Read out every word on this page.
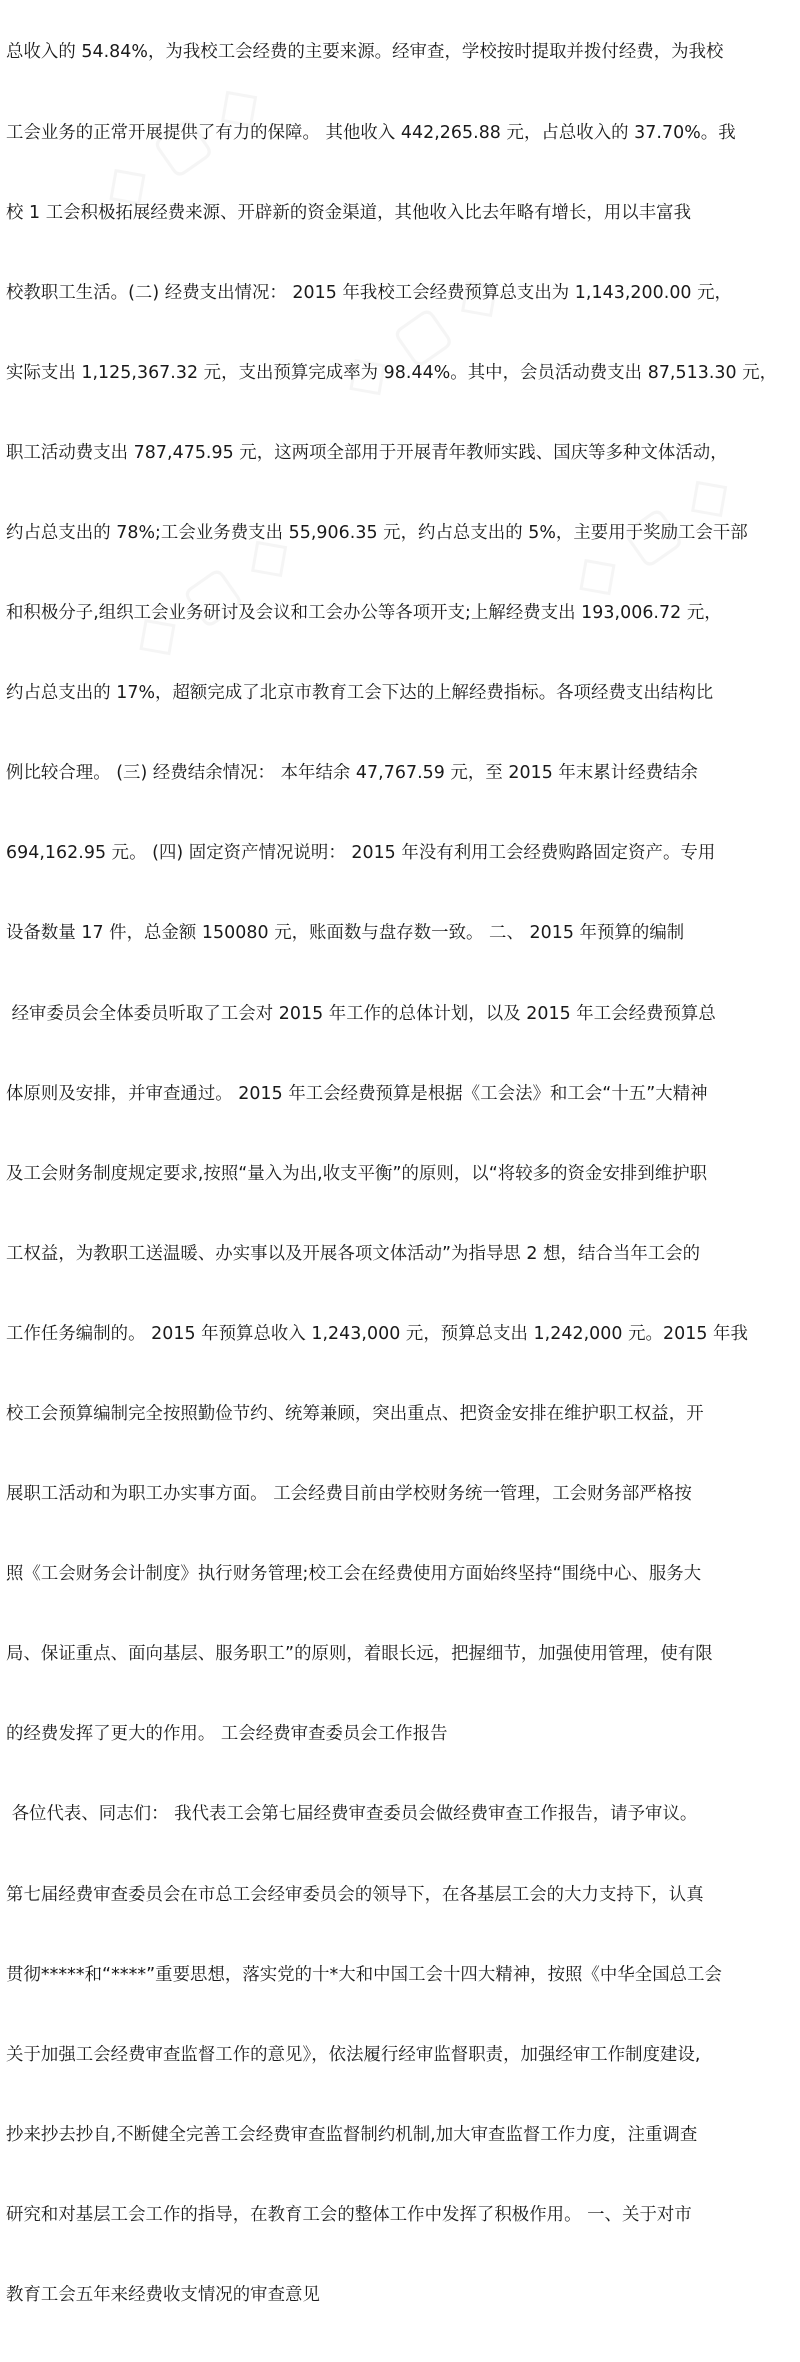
总收入的 54.84%，为我校工会经费的主要来源。经审查，学校按时提取并拨付经费，为我校

工会业务的正常开展提供了有力的保障。 其他收入 442,265.88 元，占总收入的 37.70%。我

校 1 工会积极拓展经费来源、开辟新的资金渠道，其他收入比去年略有增长，用以丰富我

校教职工生活。(二) 经费支出情况： 2015 年我校工会经费预算总支出为 1,143,200.00 元，

实际支出 1,125,367.32 元，支出预算完成率为 98.44%。其中，会员活动费支出 87,513.30 元，

职工活动费支出 787,475.95 元，这两项全部用于开展青年教师实践、国庆等多种文体活动，

约占总支出的 78%;工会业务费支出 55,906.35 元，约占总支出的 5%，主要用于奖励工会干部

和积极分子,组织工会业务研讨及会议和工会办公等各项开支;上解经费支出 193,006.72 元，

约占总支出的 17%，超额完成了北京市教育工会下达的上解经费指标。各项经费支出结构比

例比较合理。 (三) 经费结余情况： 本年结余 47,767.59 元，至 2015 年末累计经费结余

694,162.95 元。 (四) 固定资产情况说明： 2015 年没有利用工会经费购路固定资产。专用

设备数量 17 件，总金额 150080 元，账面数与盘存数一致。 二、 2015 年预算的编制

经审委员会全体委员听取了工会对 2015 年工作的总体计划，以及 2015 年工会经费预算总

体原则及安排，并审查通过。 2015 年工会经费预算是根据《工会法》和工会“十五”大精神

及工会财务制度规定要求,按照“量入为出,收支平衡”的原则，以“将较多的资金安排到维护职

工权益，为教职工送温暖、办实事以及开展各项文体活动”为指导思 2 想，结合当年工会的

工作任务编制的。 2015 年预算总收入 1,243,000 元，预算总支出 1,242,000 元。2015 年我

校工会预算编制完全按照勤俭节约、统筹兼顾，突出重点、把资金安排在维护职工权益，开

展职工活动和为职工办实事方面。 工会经费目前由学校财务统一管理，工会财务部严格按

照《工会财务会计制度》执行财务管理;校工会在经费使用方面始终坚持“围绕中心、服务大

局、保证重点、面向基层、服务职工”的原则，着眼长远，把握细节，加强使用管理，使有限

的经费发挥了更大的作用。 工会经费审查委员会工作报告

各位代表、同志们： 我代表工会第七届经费审查委员会做经费审查工作报告，请予审议。

第七届经费审查委员会在市总工会经审委员会的领导下，在各基层工会的大力支持下，认真

贯彻*****和“****”重要思想，落实党的十*大和中国工会十四大精神，按照《中华全国总工会

关于加强工会经费审查监督工作的意见》，依法履行经审监督职责，加强经审工作制度建设,

抄来抄去抄自,不断健全完善工会经费审查监督制约机制,加大审查监督工作力度，注重调查

研究和对基层工会工作的指导，在教育工会的整体工作中发挥了积极作用。 一、关于对市

教育工会五年来经费收支情况的审查意见
